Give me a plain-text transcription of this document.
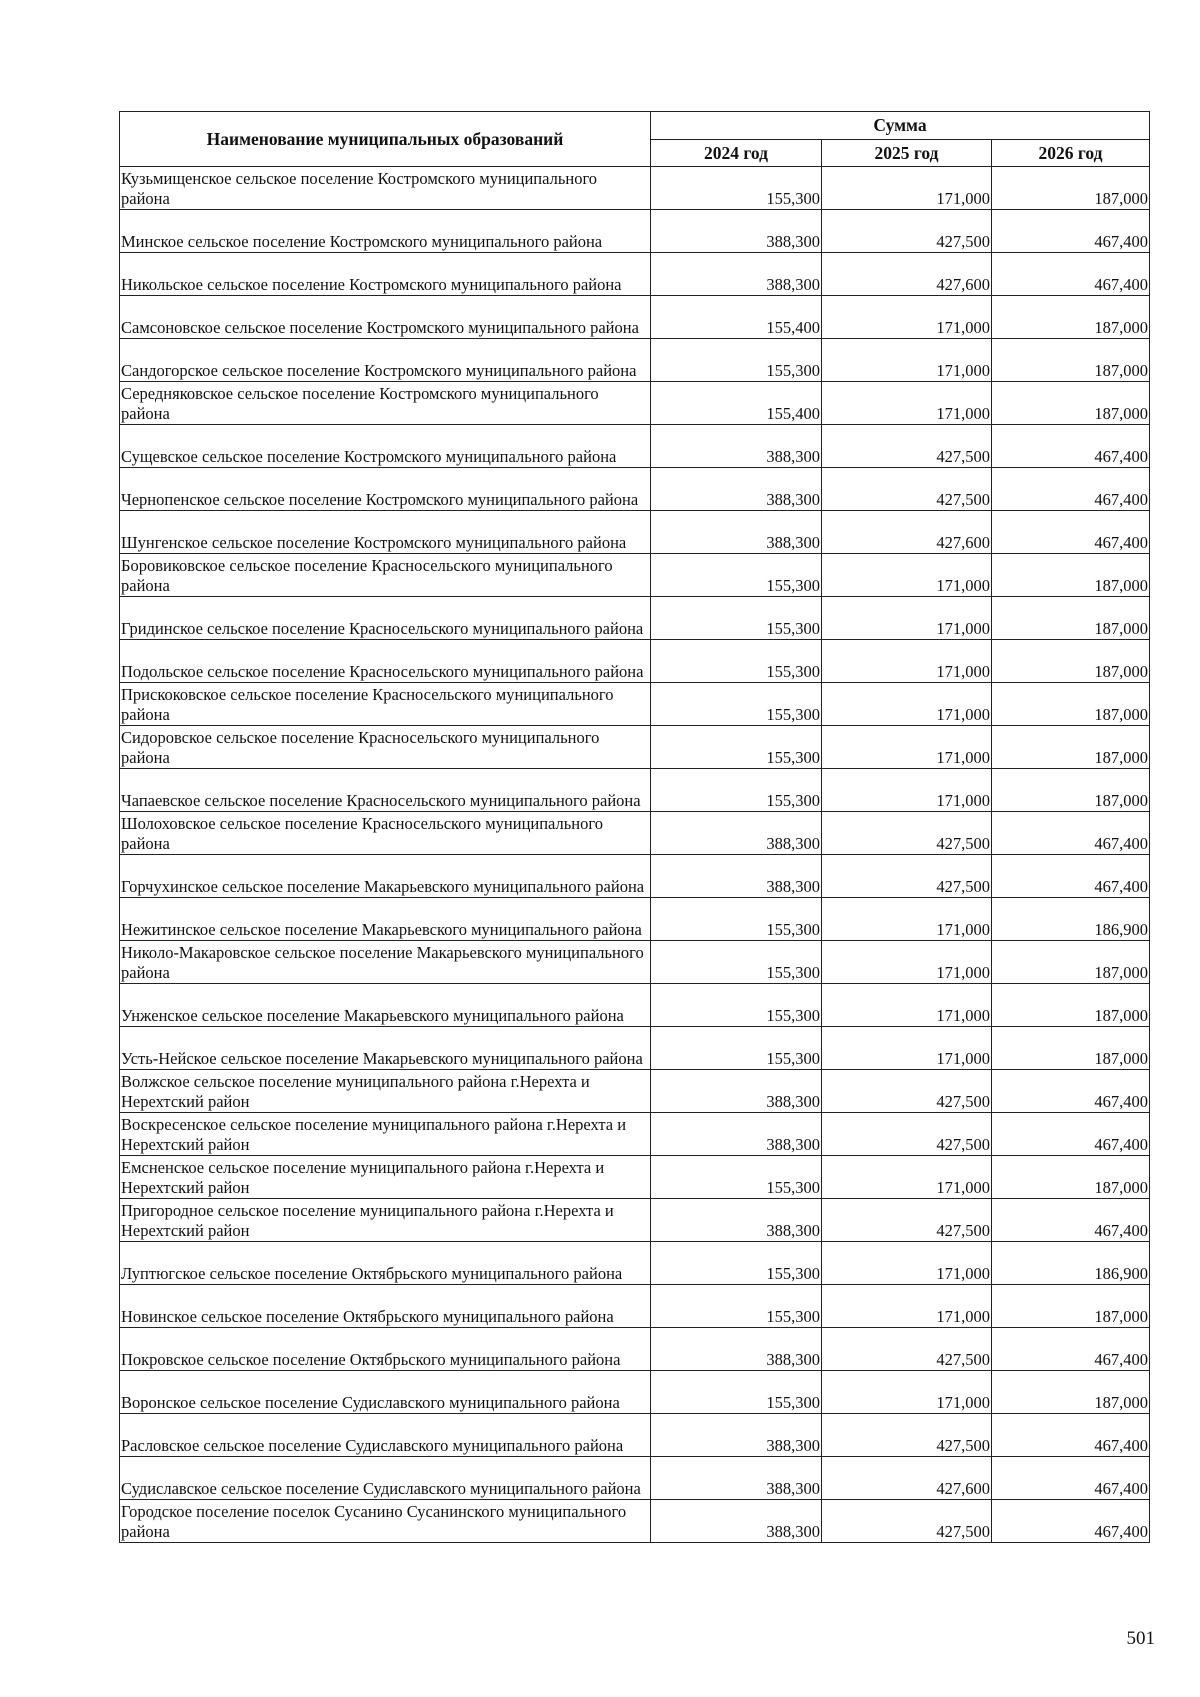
Наименование муниципальных образований	Сумма		
	2024 год	2025 год	2026 год
Кузьмищенское сельское поселение Костромского муниципального района	155,300	171,000	187,000
Минское сельское поселение Костромского муниципального района	388,300	427,500	467,400
Никольское сельское поселение Костромского муниципального района	388,300	427,600	467,400
Самсоновское сельское поселение Костромского муниципального района	155,400	171,000	187,000
Сандогорское сельское поселение Костромского муниципального района	155,300	171,000	187,000
Середняковское сельское поселение Костромского муниципального района	155,400	171,000	187,000
Сущевское сельское поселение Костромского муниципального района	388,300	427,500	467,400
Чернопенское сельское поселение Костромского муниципального района	388,300	427,500	467,400
Шунгенское сельское поселение Костромского муниципального района	388,300	427,600	467,400
Боровиковское сельское поселение Красносельского муниципального района	155,300	171,000	187,000
Гридинское сельское поселение Красносельского муниципального района	155,300	171,000	187,000
Подольское сельское поселение Красносельского муниципального района	155,300	171,000	187,000
Прискоковское сельское поселение Красносельского муниципального района	155,300	171,000	187,000
Сидоровское сельское поселение Красносельского муниципального района	155,300	171,000	187,000
Чапаевское сельское поселение Красносельского муниципального района	155,300	171,000	187,000
Шолоховское сельское поселение Красносельского муниципального района	388,300	427,500	467,400
Горчухинское сельское поселение Макарьевского муниципального района	388,300	427,500	467,400
Нежитинское сельское поселение Макарьевского муниципального района	155,300	171,000	186,900
Николо-Макаровское сельское поселение Макарьевского муниципального района	155,300	171,000	187,000
Унженское сельское поселение Макарьевского муниципального района	155,300	171,000	187,000
Усть-Нейское сельское поселение Макарьевского муниципального района	155,300	171,000	187,000
Волжское сельское поселение муниципального района г.Нерехта и Нерехтский район	388,300	427,500	467,400
Воскресенское сельское поселение муниципального района г.Нерехта и Нерехтский район	388,300	427,500	467,400
Емсненское сельское поселение муниципального района г.Нерехта и Нерехтский район	155,300	171,000	187,000
Пригородное сельское поселение муниципального района г.Нерехта и Нерехтский район	388,300	427,500	467,400
Луптюгское сельское поселение Октябрьского муниципального района	155,300	171,000	186,900
Новинское сельское поселение Октябрьского муниципального района	155,300	171,000	187,000
Покровское сельское поселение Октябрьского муниципального района	388,300	427,500	467,400
Воронское сельское поселение Судиславского муниципального района	155,300	171,000	187,000
Расловское сельское поселение Судиславского муниципального района	388,300	427,500	467,400
Судиславское сельское поселение Судиславского муниципального района	388,300	427,600	467,400
Городское поселение поселок Сусанино Сусанинского муниципального района	388,300	427,500	467,400
501
